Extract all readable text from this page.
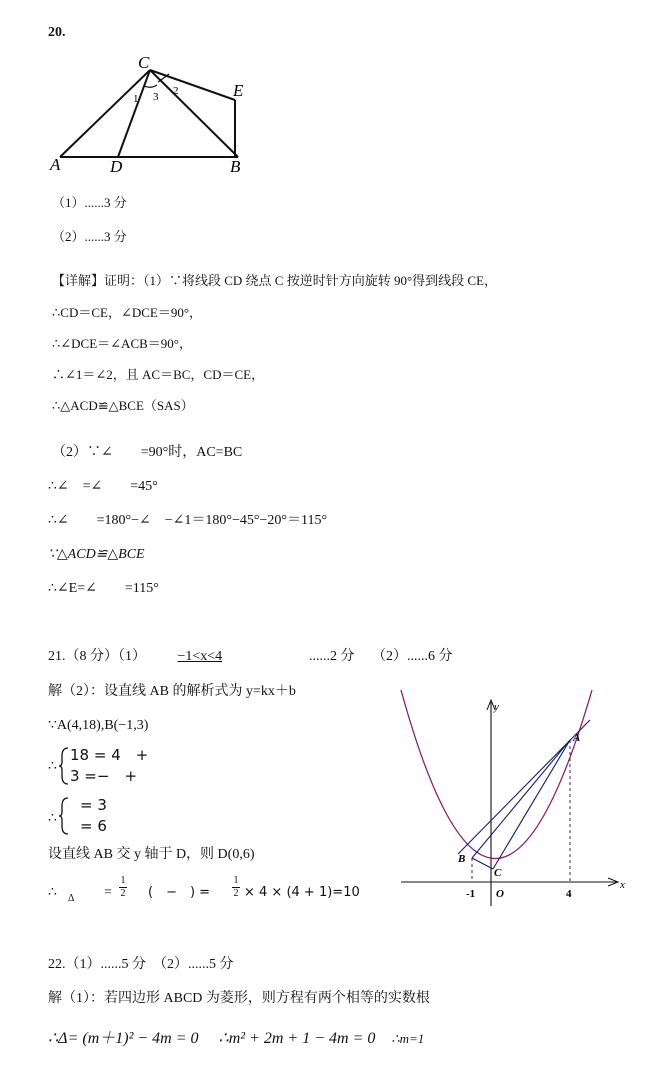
20.
C
E
A	D	B
1 3 2
（1）......3 分
（2）......3 分
【详解】证明：（1）∵将线段 CD 绕点 C 按逆时针方向旋转 90°得到线段 CE，
∴CD＝CE，∠DCE＝90°，
∴∠DCE＝∠ACB＝90°，
∴∠1＝∠2，且 AC＝BC，CD＝CE，
∴△ACD≌△BCE（SAS）
（2）∵∠　　=90°时，AC=BC
∴∠　=∠　　=45°
∴∠　　=180°−∠　−∠1＝180°−45°−20°＝115°
∵△ACD≌△BCE
∴∠E=∠　　=115°
21.（8 分）（1） −1<x<4	......2 分 （2）......6 分
解（2）：设直线 AB 的解析式为 y=kx＋b
∵A(4,18),B(−1,3)
∴
18 = 4　+
3 =−　+
∴
= 3
= 6
设直线 AB 交 y 轴于 D，则 D(0,6)
∴ $\Delta = \frac{1}{2}$ (　−　) = $\frac{1}{2} \times 4 \times (4 + 1)=10$
y
x
A
B
C
O
-1	4
22.（1）......5 分　（2）......5 分
解（1）：若四边形 ABCD 为菱形，则方程有两个相等的实数根
∴Δ= (m＋1)² − 4m = 0 ∴m² + 2m + 1 − 4m = 0 ∴m=1
